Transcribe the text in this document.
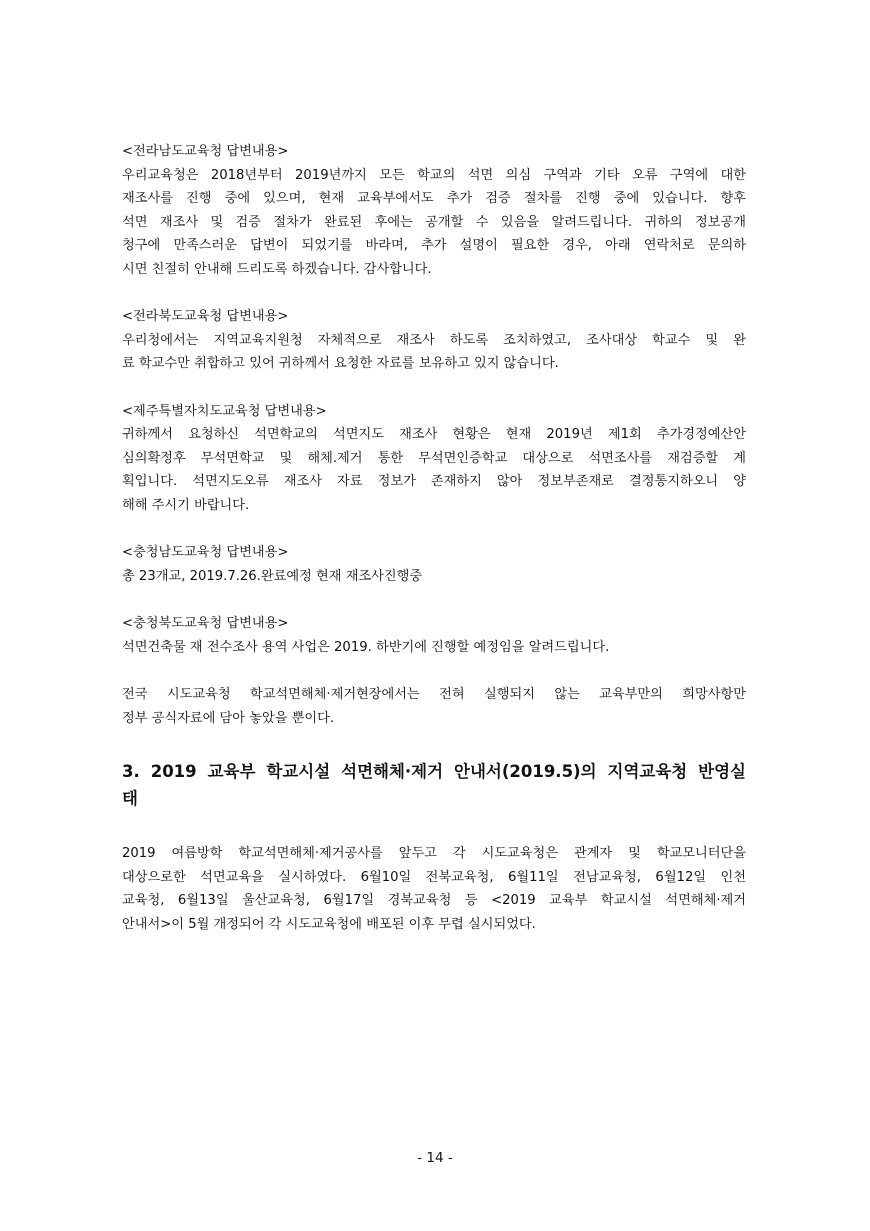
<전라남도교육청 답변내용>
우리교육청은 2018년부터 2019년까지 모든 학교의 석면 의심 구역과 기타 오류 구역에 대한
재조사를 진행 중에 있으며, 현재 교육부에서도 추가 검증 절차를 진행 중에 있습니다. 향후
석면 재조사 및 검증 절차가 완료된 후에는 공개할 수 있음을 알려드립니다. 귀하의 정보공개
청구에 만족스러운 답변이 되었기를 바라며, 추가 설명이 필요한 경우, 아래 연락처로 문의하
시면 친절히 안내해 드리도록 하겠습니다. 감사합니다.
<전라북도교육청 답변내용>
우리청에서는 지역교육지원청 자체적으로 재조사 하도록 조치하였고, 조사대상 학교수 및 완
료 학교수만 취합하고 있어 귀하께서 요청한 자료를 보유하고 있지 않습니다.
<제주특별자치도교육청 답변내용>
귀하께서 요청하신 석면학교의 석면지도 재조사 현황은 현재 2019년 제1회 추가경정예산안
심의확정후 무석면학교 및 해체.제거 통한 무석면인증학교 대상으로 석면조사를 재검증할 계
획입니다. 석면지도오류 재조사 자료 정보가 존재하지 않아 정보부존재로 결정통지하오니 양
해해 주시기 바랍니다.
<충청남도교육청 답변내용>
총 23개교, 2019.7.26.완료예정 현재 재조사진행중
<충청북도교육청 답변내용>
석면건축물 재 전수조사 용역 사업은 2019. 하반기에 진행할 예정임을 알려드립니다.
전국 시도교육청 학교석면해체·제거현장에서는 전혀 실행되지 않는 교육부만의 희망사항만
정부 공식자료에 담아 놓았을 뿐이다.
3. 2019 교육부 학교시설 석면해체·제거 안내서(2019.5)의 지역교육청 반영실
태
2019 여름방학 학교석면해체·제거공사를 앞두고 각 시도교육청은 관계자 및 학교모니터단을
대상으로한 석면교육을 실시하였다. 6월10일 전북교육청, 6월11일 전남교육청, 6월12일 인천
교육청, 6월13일 울산교육청, 6월17일 경북교육청 등 <2019 교육부 학교시설 석면해체·제거
안내서>이 5월 개정되어 각 시도교육청에 배포된 이후 무렵 실시되었다.
- 14 -
